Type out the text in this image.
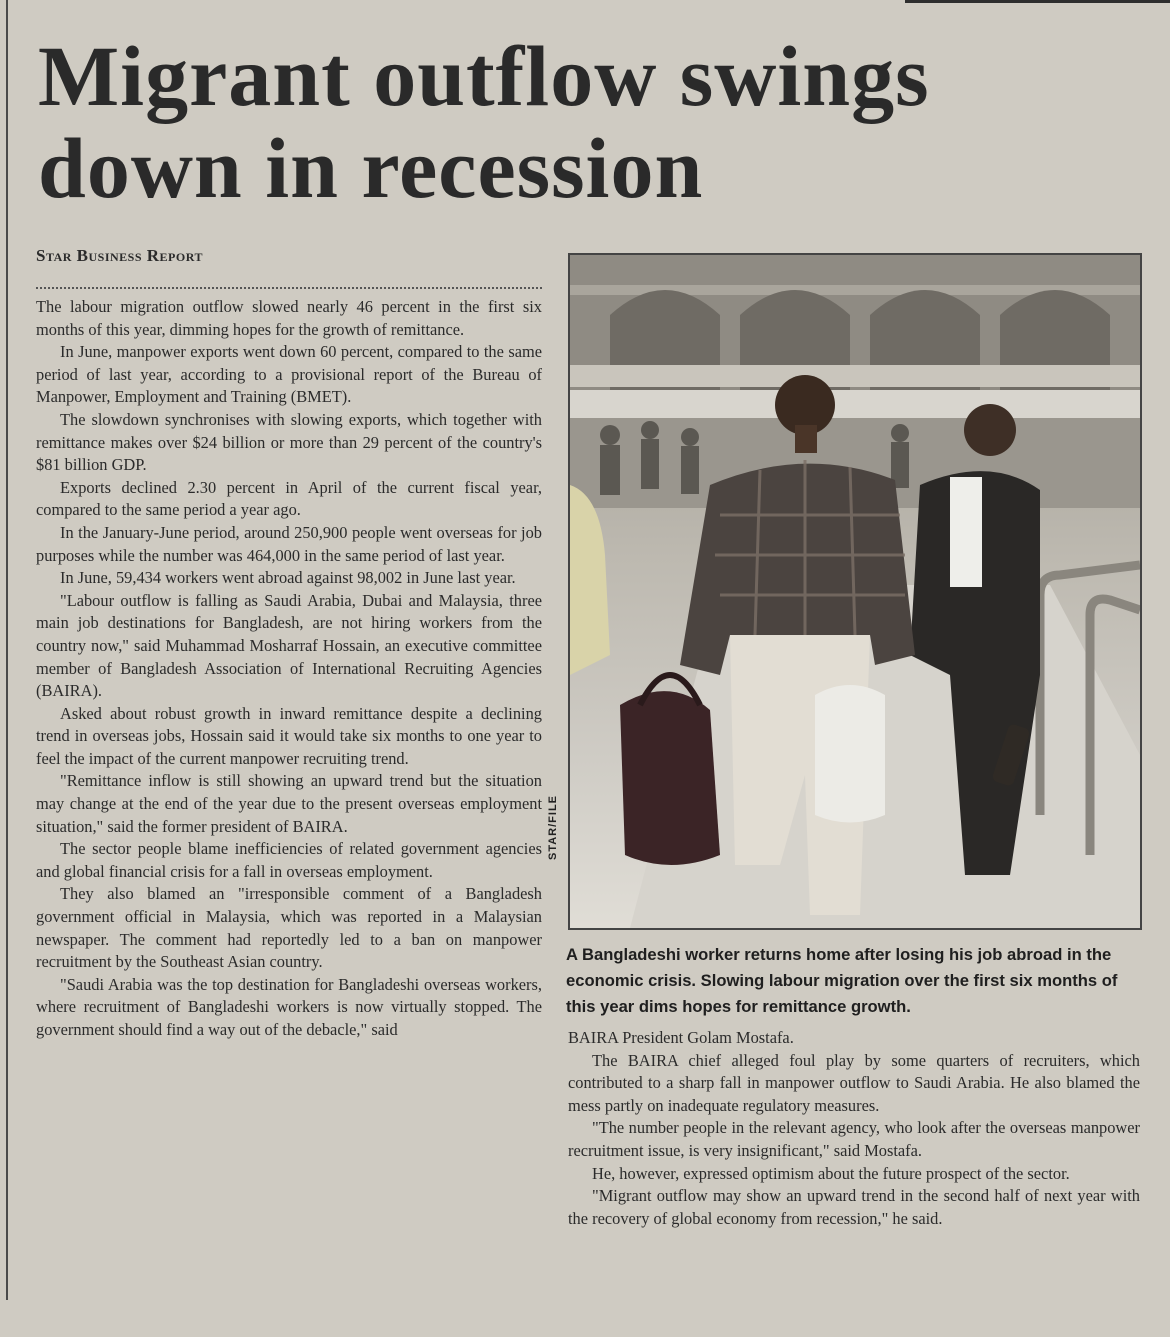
Migrant outflow swings
down in recession
Star Business Report

The labour migration outflow slowed nearly 46 percent in the first six months of this year, dimming hopes for the growth of remittance.

In June, manpower exports went down 60 percent, compared to the same period of last year, according to a provisional report of the Bureau of Manpower, Employment and Training (BMET).

The slowdown synchronises with slowing exports, which together with remittance makes over $24 billion or more than 29 percent of the country's $81 billion GDP.

Exports declined 2.30 percent in April of the current fiscal year, compared to the same period a year ago.

In the January-June period, around 250,900 people went overseas for job purposes while the number was 464,000 in the same period of last year.

In June, 59,434 workers went abroad against 98,002 in June last year.

"Labour outflow is falling as Saudi Arabia, Dubai and Malaysia, three main job destinations for Bangladesh, are not hiring workers from the country now," said Muhammad Mosharraf Hossain, an executive committee member of Bangladesh Association of International Recruiting Agencies (BAIRA).

Asked about robust growth in inward remittance despite a declining trend in overseas jobs, Hossain said it would take six months to one year to feel the impact of the current manpower recruiting trend.

"Remittance inflow is still showing an upward trend but the situation may change at the end of the year due to the present overseas employment situation," said the former president of BAIRA.

The sector people blame inefficiencies of related government agencies and global financial crisis for a fall in overseas employment.

They also blamed an "irresponsible comment of a Bangladesh government official in Malaysia, which was reported in a Malaysian newspaper. The comment had reportedly led to a ban on manpower recruitment by the Southeast Asian country.

"Saudi Arabia was the top destination for Bangladeshi overseas workers, where recruitment of Bangladeshi workers is now virtually stopped. The government should find a way out of the debacle," said

STAR/FILE

A Bangladeshi worker returns home after losing his job abroad in the economic crisis. Slowing labour migration over the first six months of this year dims hopes for remittance growth.

BAIRA President Golam Mostafa.

The BAIRA chief alleged foul play by some quarters of recruiters, which contributed to a sharp fall in manpower outflow to Saudi Arabia. He also blamed the mess partly on inadequate regulatory measures.

"The number people in the relevant agency, who look after the overseas manpower recruitment issue, is very insignificant," said Mostafa.

He, however, expressed optimism about the future prospect of the sector.

"Migrant outflow may show an upward trend in the second half of next year with the recovery of global economy from recession," he said.
